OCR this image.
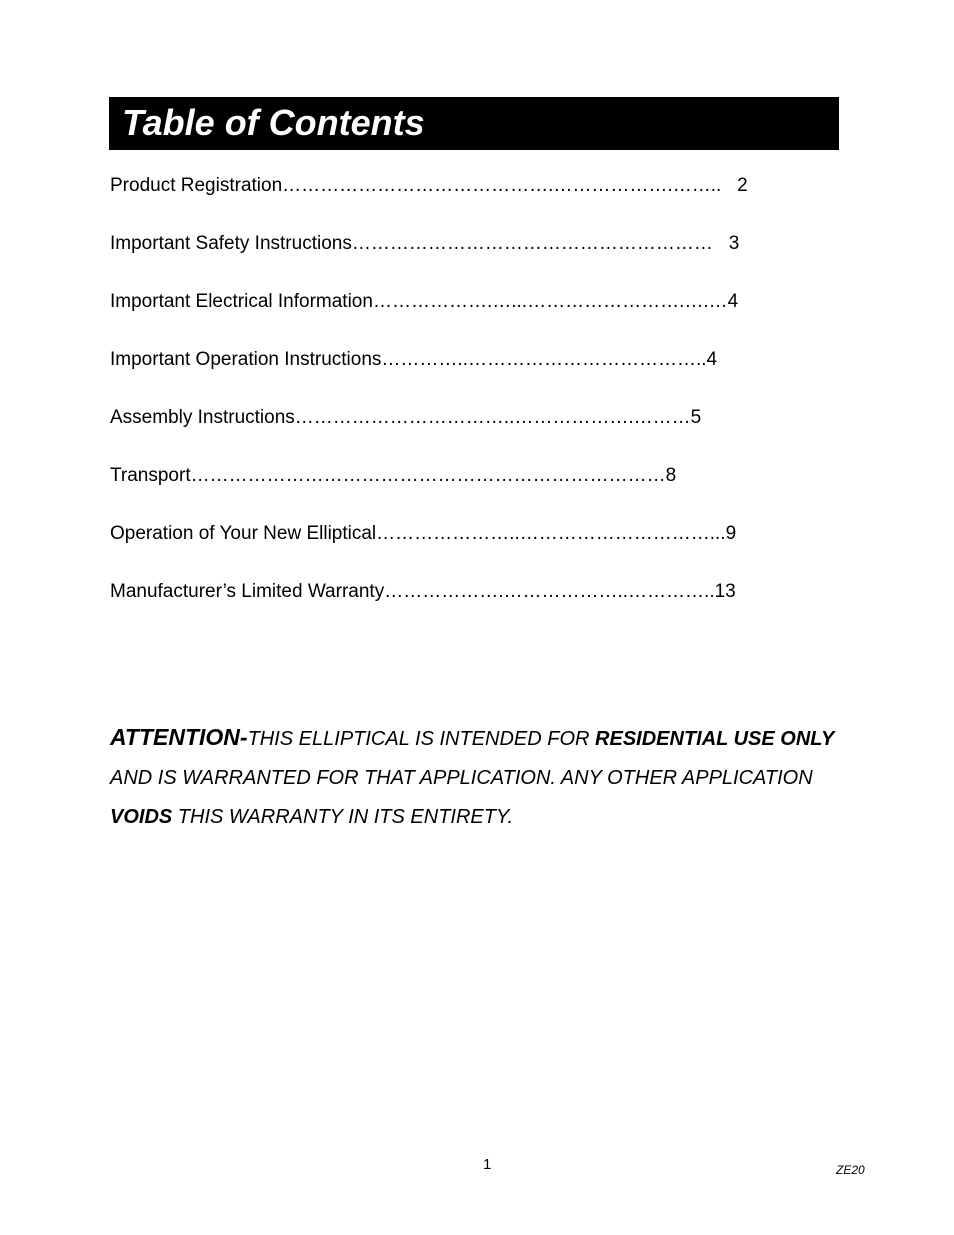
Table of Contents
Product Registration…………………………………….……………….…….. 2
Important Safety Instructions………………………………………………… 3
Important Electrical Information……………….…...…………………….….…4
Important Operation Instructions…………..………………………………..4
Assembly Instructions……………………………..……………….………5
Transport…………………………………………………………………8
Operation of Your New Elliptical…………………..…………………………...9
Manufacturer’s Limited Warranty……………….………………..…………..13
ATTENTION-THIS ELLIPTICAL IS INTENDED FOR RESIDENTIAL USE ONLY AND IS WARRANTED FOR THAT APPLICATION. ANY OTHER APPLICATION VOIDS THIS WARRANTY IN ITS ENTIRETY.
1	ZE20
